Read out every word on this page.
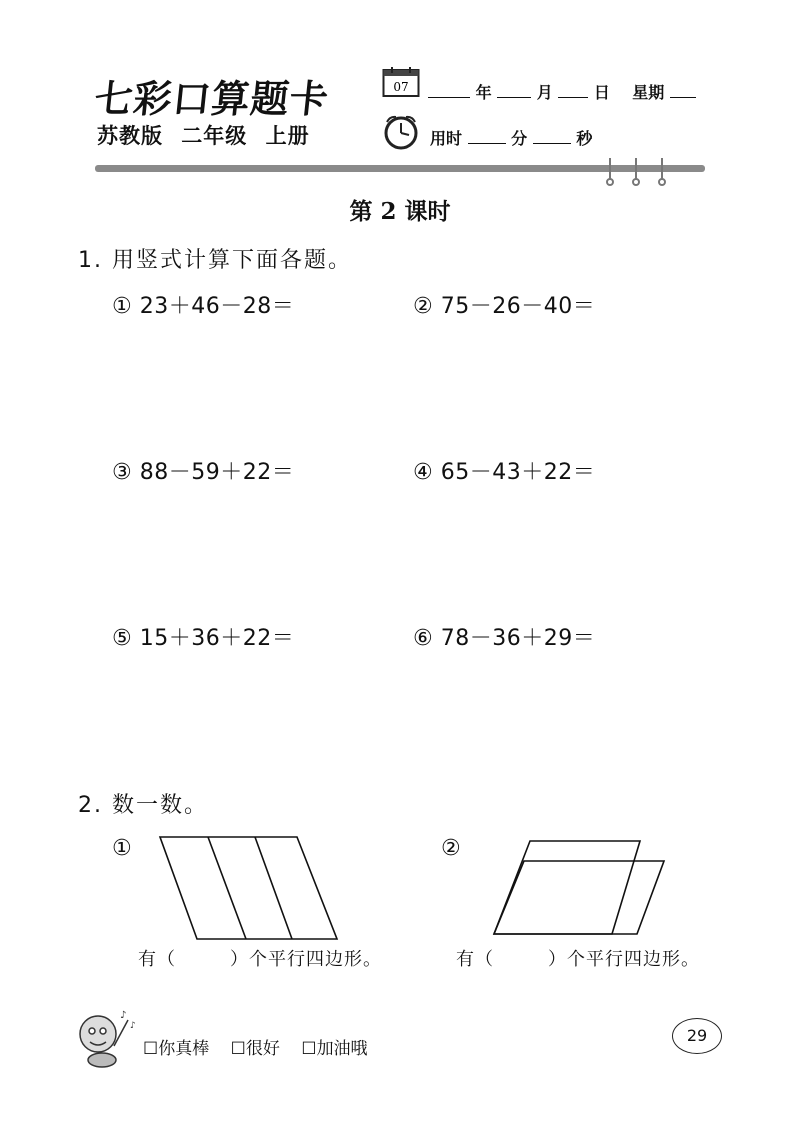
七彩口算题卡
苏教版 二年级 上册
07	年	月	日 星期
用时	分	秒
第 2 课时
1. 用竖式计算下面各题。
① 23＋46－28＝	② 75－26－40＝
③ 88－59＋22＝	④ 65－43＋22＝
⑤ 15＋36＋22＝	⑥ 78－36＋29＝
2. 数一数。
①
有（	）个平行四边形。
②
有（	）个平行四边形。
♪
♪
☐你真棒 ☐很好 ☐加油哦
29
